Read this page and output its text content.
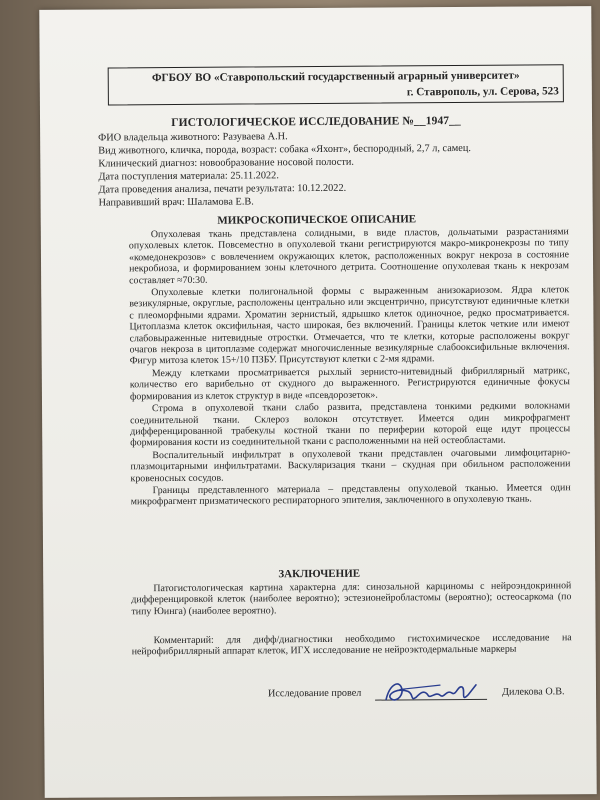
ФГБОУ ВО «Ставропольский государственный аграрный университет»
г. Ставрополь, ул. Серова, 523
ГИСТОЛОГИЧЕСКОЕ ИССЛЕДОВАНИЕ №__1947__
ФИО владельца животного: Разуваева А.Н.
Вид животного, кличка, порода, возраст: собака «Яхонт», беспородный, 2,7 л, самец.
Клинический диагноз: новообразование носовой полости.
Дата поступления материала: 25.11.2022.
Дата проведения анализа, печати результата: 10.12.2022.
Направивший врач: Шаламова Е.В.
МИКРОСКОПИЧЕСКОЕ ОПИСАНИЕ

Опухолевая ткань представлена солидными, в виде пластов, дольчатыми разрастаниями опухолевых клеток. Повсеместно в опухолевой ткани регистрируются макро-микронекрозы по типу «комедонекрозов» с вовлечением окружающих клеток, расположенных вокруг некроза в состояние некробиоза, и формированием зоны клеточного детрита. Соотношение опухолевая ткань к некрозам составляет ≈70:30.

Опухолевые клетки полигональной формы с выраженным анизокариозом. Ядра клеток везикулярные, округлые, расположены центрально или эксцентрично, присутствуют единичные клетки с плеоморфными ядрами. Хроматин зернистый, ядрышко клеток одиночное, редко просматривается. Цитоплазма клеток оксифильная, часто широкая, без включений. Границы клеток четкие или имеют слабовыраженные нитевидные отростки. Отмечается, что те клетки, которые расположены вокруг очагов некроза в цитоплазме содержат многочисленные везикулярные слабооксифильные включения. Фигур митоза клеток 15+/10 ПЗБУ. Присутствуют клетки с 2-мя ядрами.

Между клетками просматривается рыхлый зернисто-нитевидный фибриллярный матрикс, количество его варибельно от скудного до выраженного. Регистрируются единичные фокусы формирования из клеток структур в виде «псевдорозеток».

Строма в опухолевой ткани слабо развита, представлена тонкими редкими волокнами соединительной ткани. Склероз волокон отсутствует. Имеется один микрофрагмент дифференцированной трабекулы костной ткани по периферии которой еще идут процессы формирования кости из соединительной ткани с расположенными на ней остеобластами.

Воспалительный инфильтрат в опухолевой ткани представлен очаговыми лимфоцитарно-плазмоцитарными инфильтратами. Васкуляризация ткани – скудная при обильном расположении кровеносных сосудов.

Границы представленного материала – представлены опухолевой тканью. Имеется один микрофрагмент призматического респираторного эпителия, заключенного в опухолевую ткань.

ЗАКЛЮЧЕНИЕ

Патогистологическая картина характерна для: синозальной карциномы с нейроэндокринной дифференцировкой клеток (наиболее вероятно); эстезионейробластомы (вероятно); остеосаркома (по типу Юинга) (наиболее вероятно).

Комментарий: для дифф/диагностики необходимо гистохимическое исследование на нейрофибриллярный аппарат клеток, ИГХ исследование не нейроэктодермальные маркеры

Исследование провел	Дилекова О.В.
